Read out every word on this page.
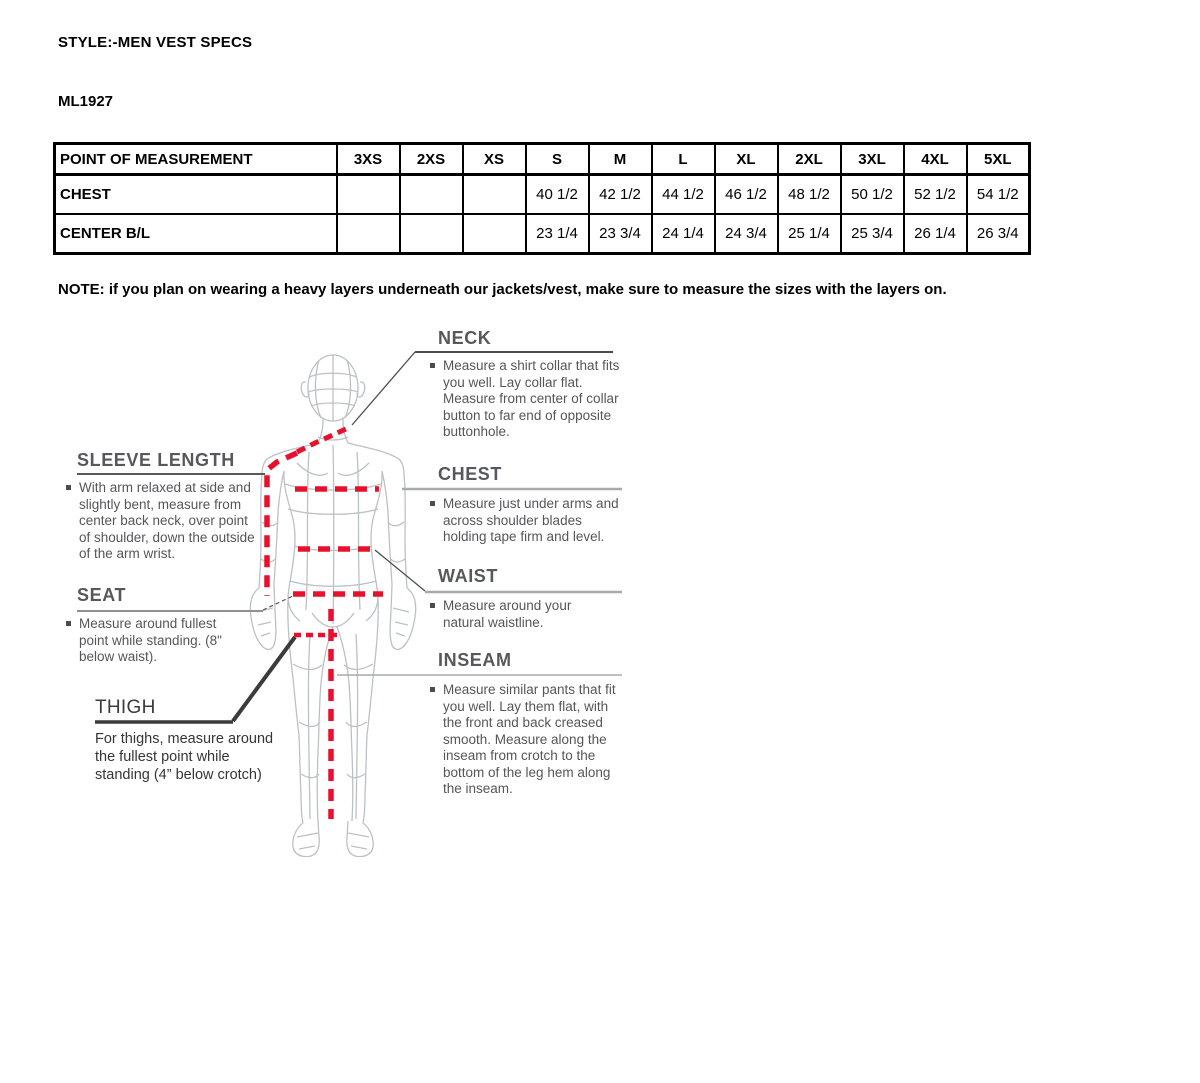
STYLE:-MEN VEST SPECS
ML1927
POINT OF MEASUREMENT	3XS	2XS	XS	S	M	L	XL	2XL	3XL	4XL	5XL
CHEST				40 1/2	42 1/2	44 1/2	46 1/2	48 1/2	50 1/2	52 1/2	54 1/2
CENTER B/L				23 1/4	23 3/4	24 1/4	24 3/4	25 1/4	25 3/4	26 1/4	26 3/4
NOTE: if you plan on wearing a heavy layers underneath our jackets/vest, make sure to measure the sizes with the layers on.
NECK
Measure a shirt collar that fits you well. Lay collar flat. Measure from center of collar button to far end of opposite buttonhole.
CHEST
Measure just under arms and across shoulder blades holding tape firm and level.
WAIST
Measure around your natural waistline.
INSEAM
Measure similar pants that fit you well. Lay them flat, with the front and back creased smooth. Measure along the inseam from crotch to the bottom of the leg hem along the inseam.
SLEEVE LENGTH
With arm relaxed at side and slightly bent, measure from center back neck, over point of shoulder, down the outside of the arm wrist.
SEAT
Measure around fullest point while standing. (8" below waist).
THIGH
For thighs, measure around the fullest point while standing (4” below crotch)
